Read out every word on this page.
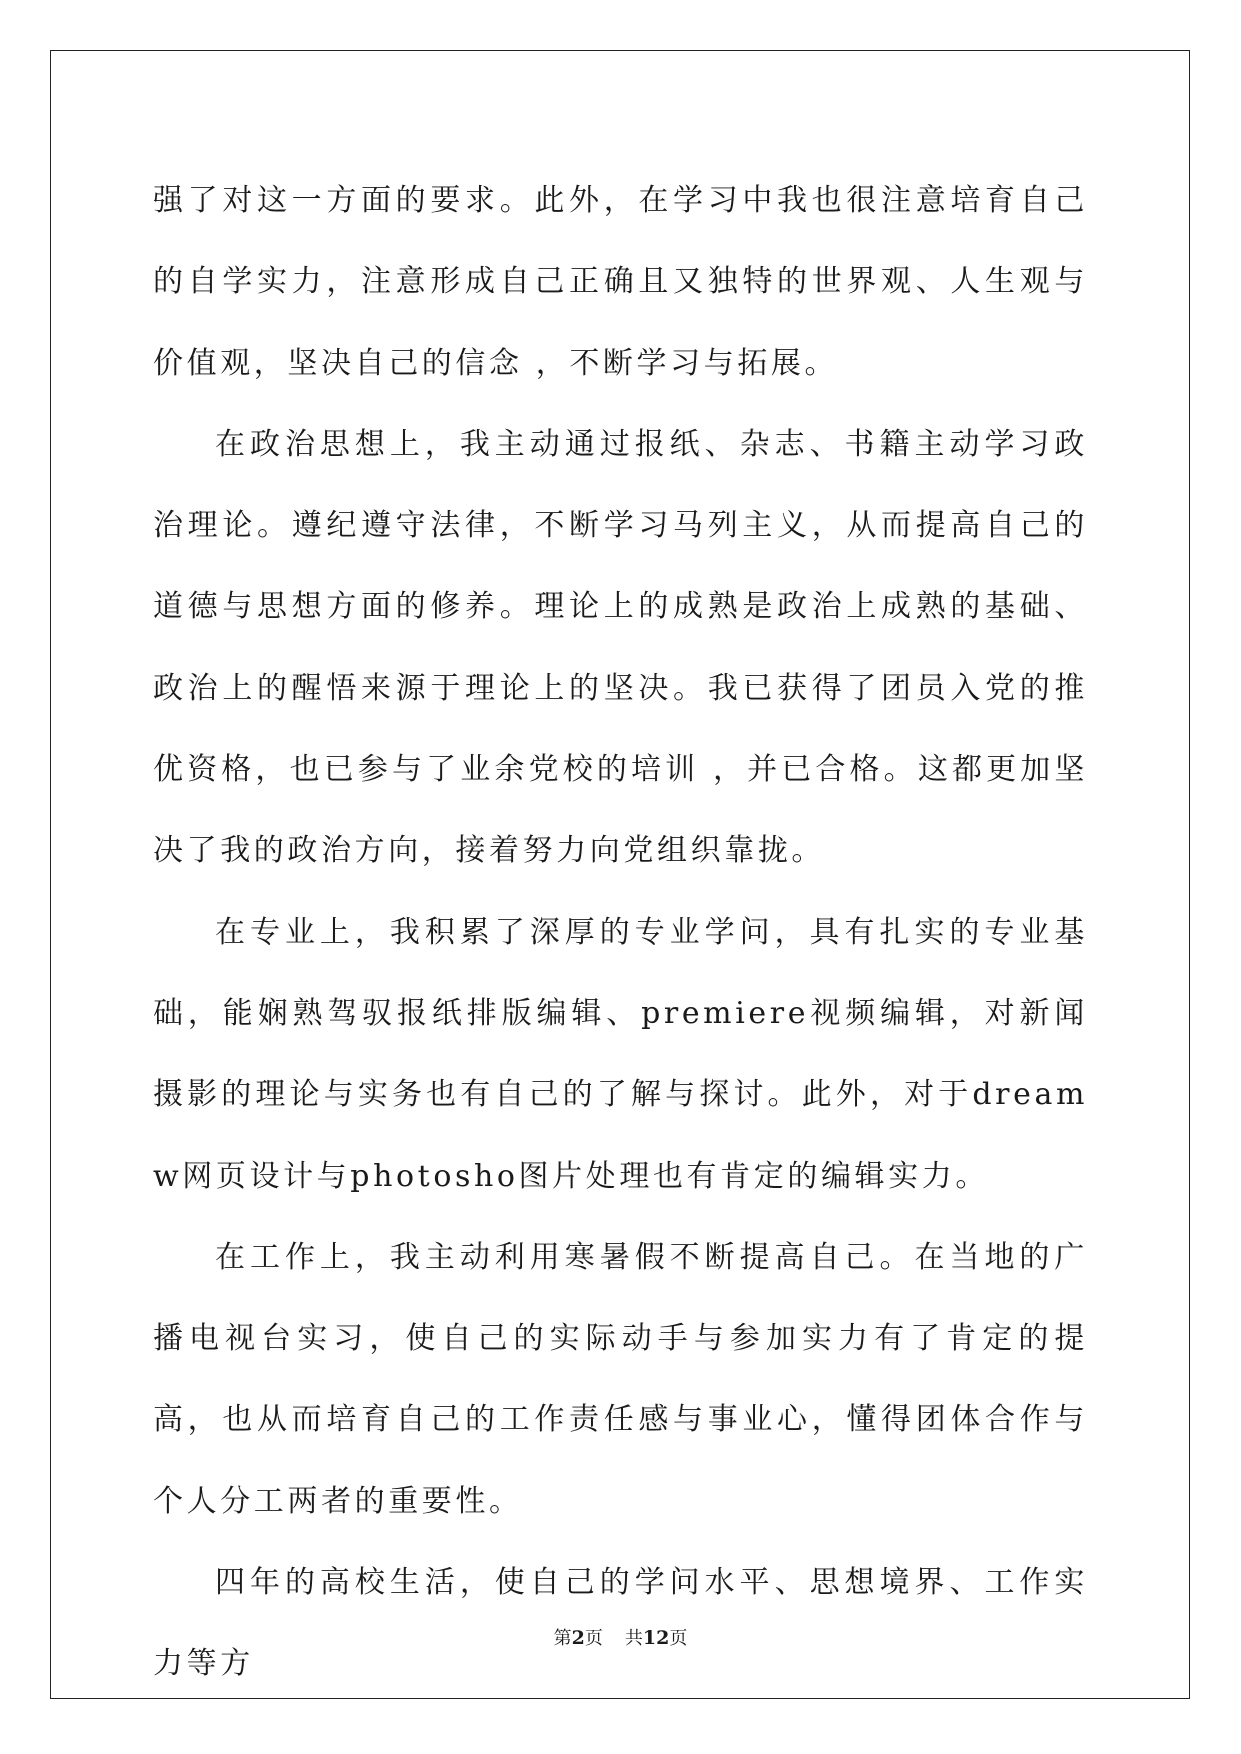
强了对这一方面的要求。此外，在学习中我也很注意培育自己的自学实力，注意形成自己正确且又独特的世界观、人生观与价值观，坚决自己的信念 ，不断学习与拓展。

在政治思想上，我主动通过报纸、杂志、书籍主动学习政治理论。遵纪遵守法律，不断学习马列主义，从而提高自己的道德与思想方面的修养。理论上的成熟是政治上成熟的基础、政治上的醒悟来源于理论上的坚决。我已获得了团员入党的推优资格，也已参与了业余党校的培训 ，并已合格。这都更加坚决了我的政治方向，接着努力向党组织靠拢。

在专业上，我积累了深厚的专业学问，具有扎实的专业基础，能娴熟驾驭报纸排版编辑、premiere视频编辑，对新闻摄影的理论与实务也有自己的了解与探讨。此外，对于dreamw网页设计与photosho图片处理也有肯定的编辑实力。

在工作上，我主动利用寒暑假不断提高自己。在当地的广播电视台实习，使自己的实际动手与参加实力有了肯定的提高，也从而培育自己的工作责任感与事业心，懂得团体合作与个人分工两者的重要性。

四年的高校生活，使自己的学问水平、思想境界、工作实力等方

第2页 共12页
